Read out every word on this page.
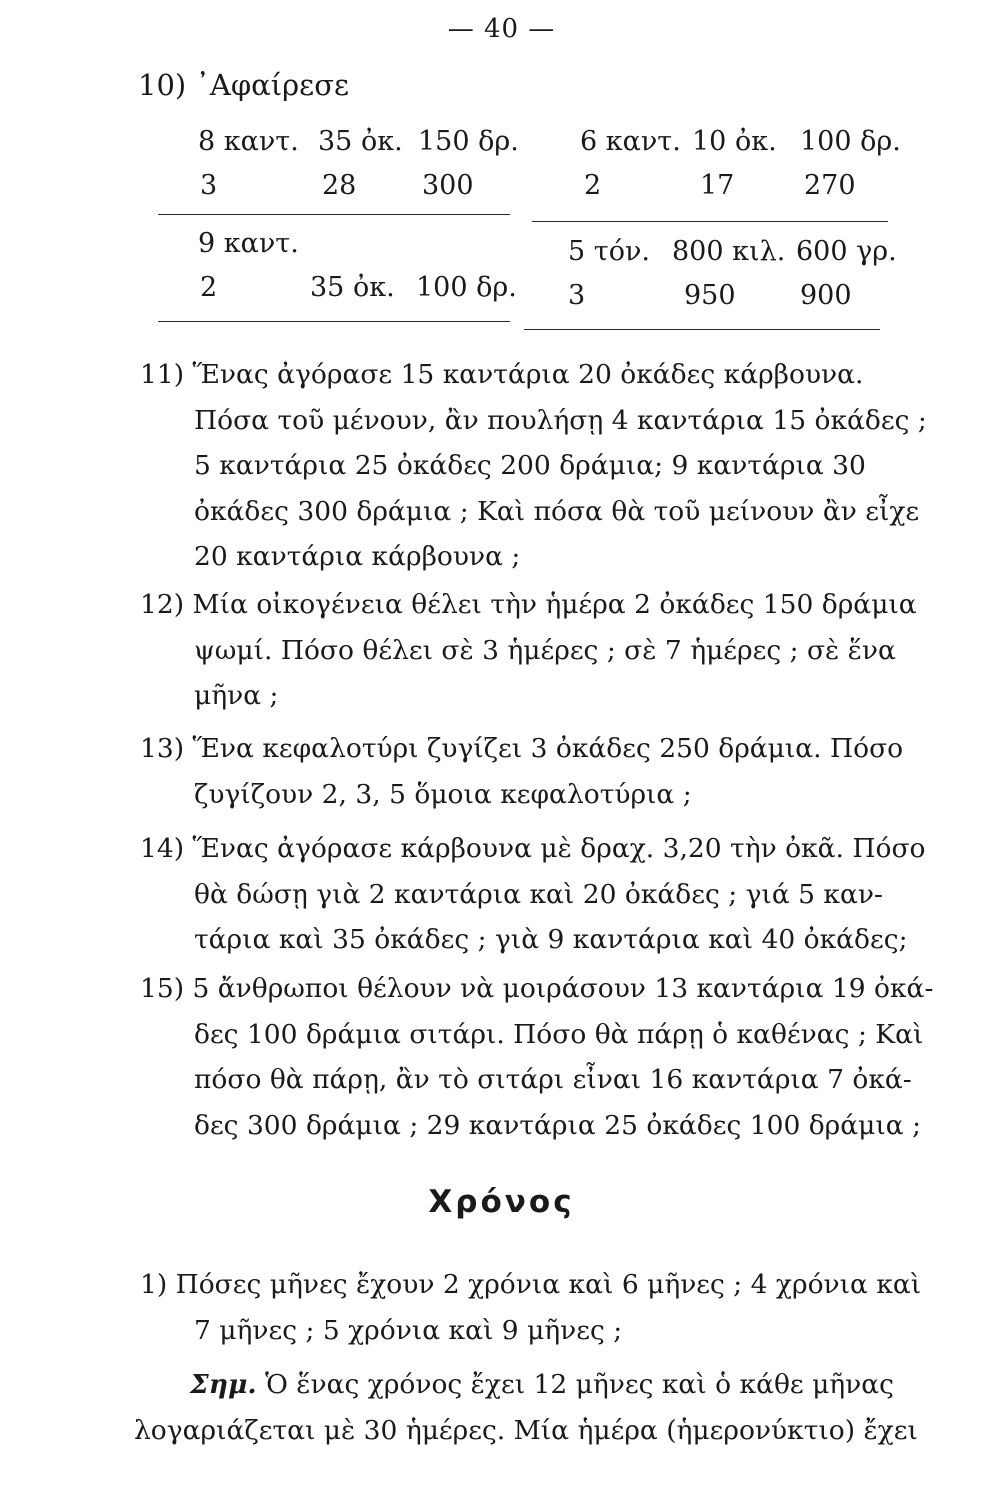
— 40 —
10) ᾿Αφαίρεσε
8 καντ. 35 ὀκ. 150 δρ.
3	28 300
9 καντ.
2	35 ὀκ. 100 δρ.
6 καντ. 10 ὀκ. 100 δρ.
2	17	270
5 τόν. 800 κιλ. 600 γρ.
3	950 900
11) Ἕνας ἀγόρασε 15 καντάρια 20 ὀκάδες κάρβουνα.
Πόσα τοῦ μένουν, ἂν πουλήσῃ 4 καντάρια 15 ὀκάδες ;
5 καντάρια 25 ὀκάδες 200 δράμια; 9 καντάρια 30
ὀκάδες 300 δράμια ; Καὶ πόσα θὰ τοῦ μείνουν ἂν εἶχε
20 καντάρια κάρβουνα ;
12) Μία οἰκογένεια θέλει τὴν ἡμέρα 2 ὀκάδες 150 δράμια
ψωμί. Πόσο θέλει σὲ 3 ἡμέρες ; σὲ 7 ἡμέρες ; σὲ ἕνα
μῆνα ;
13) Ἕνα κεφαλοτύρι ζυγίζει 3 ὀκάδες 250 δράμια. Πόσο
ζυγίζουν 2, 3, 5 ὅμοια κεφαλοτύρια ;
14) Ἕνας ἀγόρασε κάρβουνα μὲ δραχ. 3,20 τὴν ὀκᾶ. Πόσο
θὰ δώσῃ γιὰ 2 καντάρια καὶ 20 ὀκάδες ; γιά 5 καν-
τάρια καὶ 35 ὀκάδες ; γιὰ 9 καντάρια καὶ 40 ὀκάδες;
15) 5 ἄνθρωποι θέλουν νὰ μοιράσουν 13 καντάρια 19 ὀκά-
δες 100 δράμια σιτάρι. Πόσο θὰ πάρῃ ὁ καθένας ; Καὶ
πόσο θὰ πάρῃ, ἂν τὸ σιτάρι εἶναι 16 καντάρια 7 ὀκά-
δες 300 δράμια ; 29 καντάρια 25 ὀκάδες 100 δράμια ;
Χρόνος
1) Πόσες μῆνες ἔχουν 2 χρόνια καὶ 6 μῆνες ; 4 χρόνια καὶ
7 μῆνες ; 5 χρόνια καὶ 9 μῆνες ;
Σημ. Ὁ ἕνας χρόνος ἔχει 12 μῆνες καὶ ὁ κάθε μῆνας
λογαριάζεται μὲ 30 ἡμέρες. Μία ἡμέρα (ἡμερονύκτιο) ἔχει
